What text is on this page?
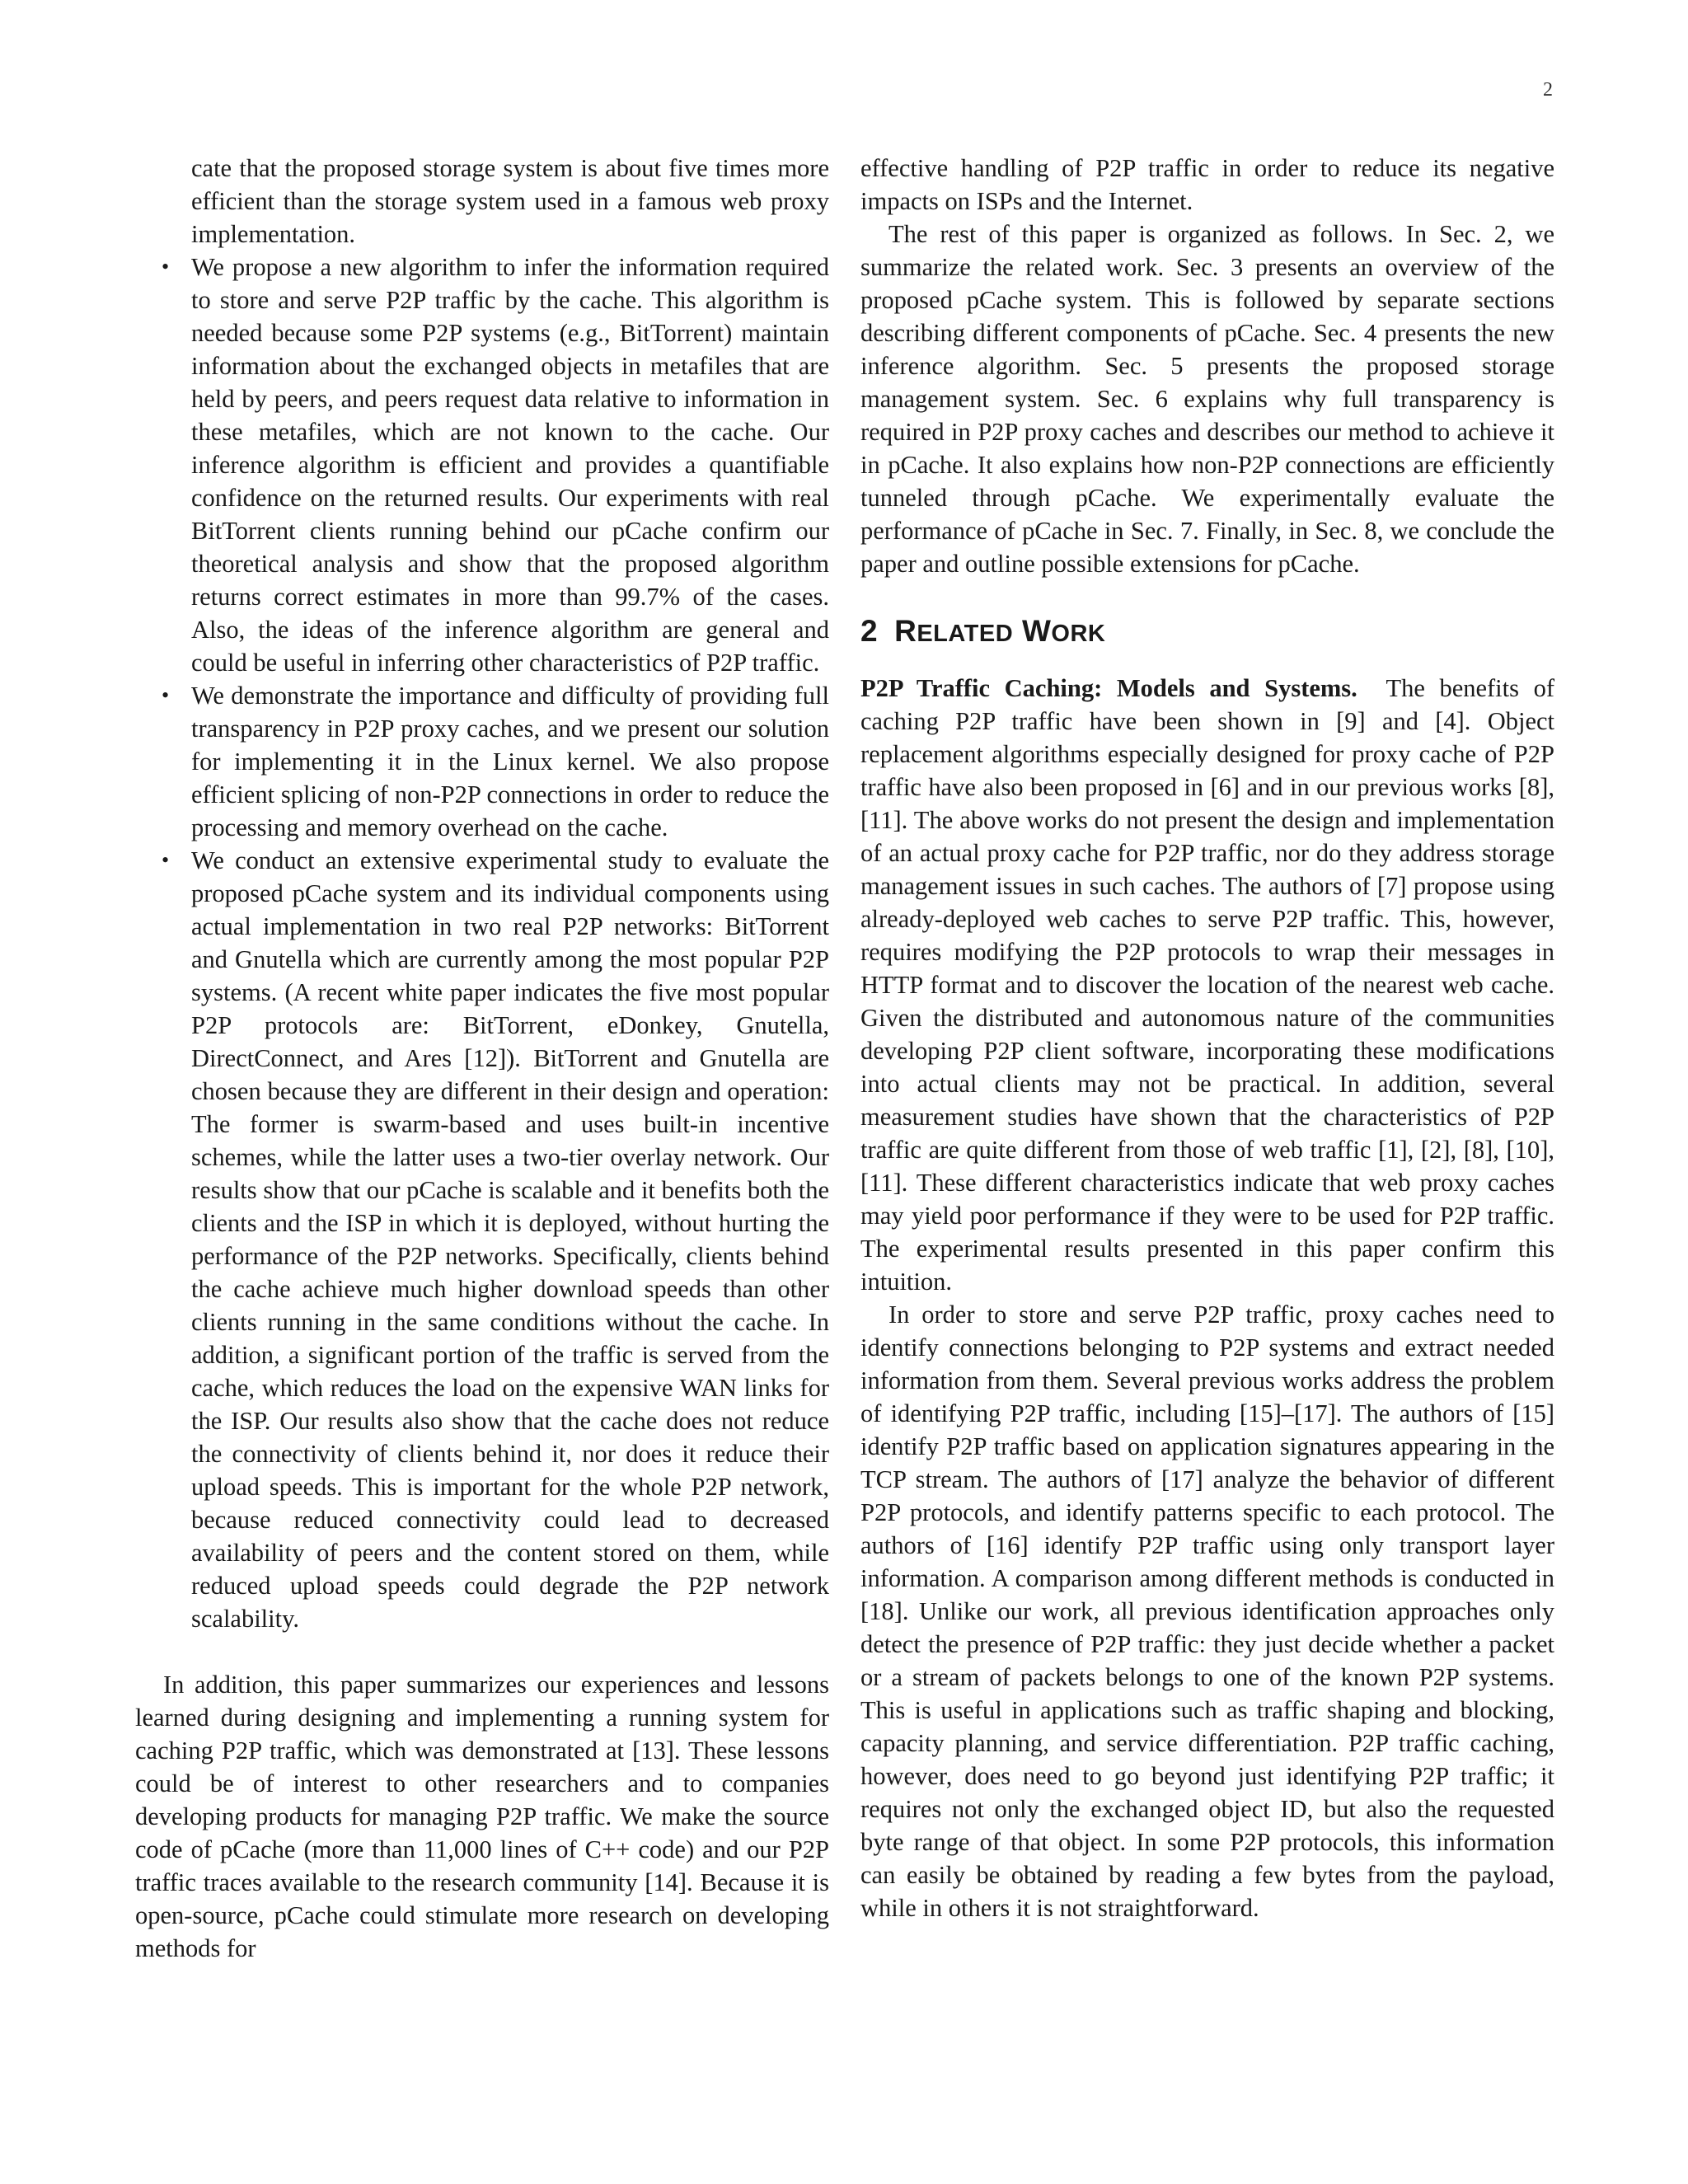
2

cate that the proposed storage system is about five times more efficient than the storage system used in a famous web proxy implementation.

• We propose a new algorithm to infer the information required to store and serve P2P traffic by the cache. This algorithm is needed because some P2P systems (e.g., BitTorrent) maintain information about the exchanged objects in metafiles that are held by peers, and peers request data relative to information in these metafiles, which are not known to the cache. Our inference algorithm is efficient and provides a quantifiable confidence on the returned results. Our experiments with real BitTorrent clients running behind our pCache confirm our theoretical analysis and show that the proposed algorithm returns correct estimates in more than 99.7% of the cases. Also, the ideas of the inference algorithm are general and could be useful in inferring other characteristics of P2P traffic.
• We demonstrate the importance and difficulty of providing full transparency in P2P proxy caches, and we present our solution for implementing it in the Linux kernel. We also propose efficient splicing of non-P2P connections in order to reduce the processing and memory overhead on the cache.
• We conduct an extensive experimental study to evaluate the proposed pCache system and its individual components using actual implementation in two real P2P networks: BitTorrent and Gnutella which are currently among the most popular P2P systems. (A recent white paper indicates the five most popular P2P protocols are: BitTorrent, eDonkey, Gnutella, DirectConnect, and Ares [12]). BitTorrent and Gnutella are chosen because they are different in their design and operation: The former is swarm-based and uses built-in incentive schemes, while the latter uses a two-tier overlay network. Our results show that our pCache is scalable and it benefits both the clients and the ISP in which it is deployed, without hurting the performance of the P2P networks. Specifically, clients behind the cache achieve much higher download speeds than other clients running in the same conditions without the cache. In addition, a significant portion of the traffic is served from the cache, which reduces the load on the expensive WAN links for the ISP. Our results also show that the cache does not reduce the connectivity of clients behind it, nor does it reduce their upload speeds. This is important for the whole P2P network, because reduced connectivity could lead to decreased availability of peers and the content stored on them, while reduced upload speeds could degrade the P2P network scalability.

In addition, this paper summarizes our experiences and lessons learned during designing and implementing a running system for caching P2P traffic, which was demonstrated at [13]. These lessons could be of interest to other researchers and to companies developing products for managing P2P traffic. We make the source code of pCache (more than 11,000 lines of C++ code) and our P2P traffic traces available to the research community [14]. Because it is open-source, pCache could stimulate more research on developing methods for

effective handling of P2P traffic in order to reduce its negative impacts on ISPs and the Internet.

The rest of this paper is organized as follows. In Sec. 2, we summarize the related work. Sec. 3 presents an overview of the proposed pCache system. This is followed by separate sections describing different components of pCache. Sec. 4 presents the new inference algorithm. Sec. 5 presents the proposed storage management system. Sec. 6 explains why full transparency is required in P2P proxy caches and describes our method to achieve it in pCache. It also explains how non-P2P connections are efficiently tunneled through pCache. We experimentally evaluate the performance of pCache in Sec. 7. Finally, in Sec. 8, we conclude the paper and outline possible extensions for pCache.

2 RELATED WORK

P2P Traffic Caching: Models and Systems. The benefits of caching P2P traffic have been shown in [9] and [4]. Object replacement algorithms especially designed for proxy cache of P2P traffic have also been proposed in [6] and in our previous works [8], [11]. The above works do not present the design and implementation of an actual proxy cache for P2P traffic, nor do they address storage management issues in such caches. The authors of [7] propose using already-deployed web caches to serve P2P traffic. This, however, requires modifying the P2P protocols to wrap their messages in HTTP format and to discover the location of the nearest web cache. Given the distributed and autonomous nature of the communities developing P2P client software, incorporating these modifications into actual clients may not be practical. In addition, several measurement studies have shown that the characteristics of P2P traffic are quite different from those of web traffic [1], [2], [8], [10], [11]. These different characteristics indicate that web proxy caches may yield poor performance if they were to be used for P2P traffic. The experimental results presented in this paper confirm this intuition.

In order to store and serve P2P traffic, proxy caches need to identify connections belonging to P2P systems and extract needed information from them. Several previous works address the problem of identifying P2P traffic, including [15]–[17]. The authors of [15] identify P2P traffic based on application signatures appearing in the TCP stream. The authors of [17] analyze the behavior of different P2P protocols, and identify patterns specific to each protocol. The authors of [16] identify P2P traffic using only transport layer information. A comparison among different methods is conducted in [18]. Unlike our work, all previous identification approaches only detect the presence of P2P traffic: they just decide whether a packet or a stream of packets belongs to one of the known P2P systems. This is useful in applications such as traffic shaping and blocking, capacity planning, and service differentiation. P2P traffic caching, however, does need to go beyond just identifying P2P traffic; it requires not only the exchanged object ID, but also the requested byte range of that object. In some P2P protocols, this information can easily be obtained by reading a few bytes from the payload, while in others it is not straightforward.
